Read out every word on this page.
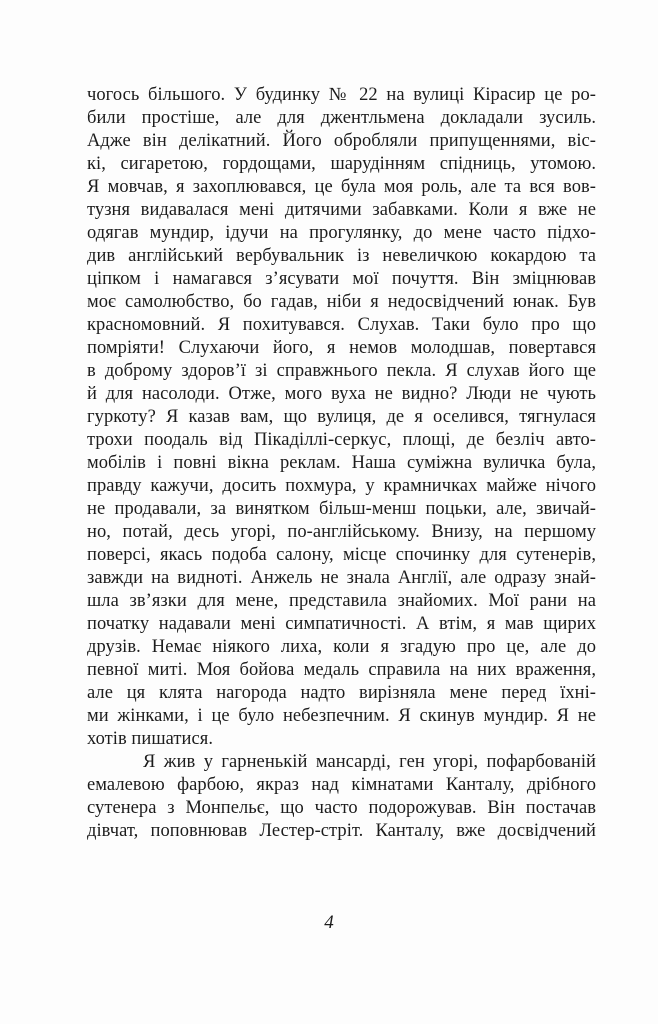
чогось більшого. У будинку № 22 на вулиці Кірасир це ро-
били простіше, але для джентльмена докладали зусиль.
Адже він делікатний. Його обробляли припущеннями, віс-
кі, сигаретою, гордощами, шарудінням спідниць, утомою.
Я мовчав, я захоплювався, це була моя роль, але та вся вов-
тузня видавалася мені дитячими забавками. Коли я вже не
одягав мундир, ідучи на прогулянку, до мене часто підхо-
див англійський вербувальник із невеличкою кокардою та
ціпком і намагався з’ясувати мої почуття. Він зміцнював
моє самолюбство, бо гадав, ніби я недосвідчений юнак. Був
красномовний. Я похитувався. Слухав. Таки було про що
помріяти! Слухаючи його, я немов молодшав, повертався
в доброму здоров’ї зі справжнього пекла. Я слухав його ще
й для насолоди. Отже, мого вуха не видно? Люди не чують
гуркоту? Я казав вам, що вулиця, де я оселився, тягнулася
трохи поодаль від Пікаділлі-серкус, площі, де безліч авто-
мобілів і повні вікна реклам. Наша суміжна вуличка була,
правду кажучи, досить похмура, у крамничках майже нічого
не продавали, за винятком більш-менш поцьки, але, звичай-
но, потай, десь угорі, по-англійському. Внизу, на першому
поверсі, якась подоба салону, місце спочинку для сутенерів,
завжди на видноті. Анжель не знала Англії, але одразу знай-
шла зв’язки для мене, представила знайомих. Мої рани на
початку надавали мені симпатичності. А втім, я мав щирих
друзів. Немає ніякого лиха, коли я згадую про це, але до
певної миті. Моя бойова медаль справила на них враження,
але ця клята нагорода надто вирізняла мене перед їхні-
ми жінками, і це було небезпечним. Я скинув мундир. Я не
хотів пишатися.
Я жив у гарненькій мансарді, ген угорі, пофарбованій
емалевою фарбою, якраз над кімнатами Канталу, дрібного
сутенера з Монпельє, що часто подорожував. Він постачав
дівчат, поповнював Лестер-стріт. Канталу, вже досвідчений
4
